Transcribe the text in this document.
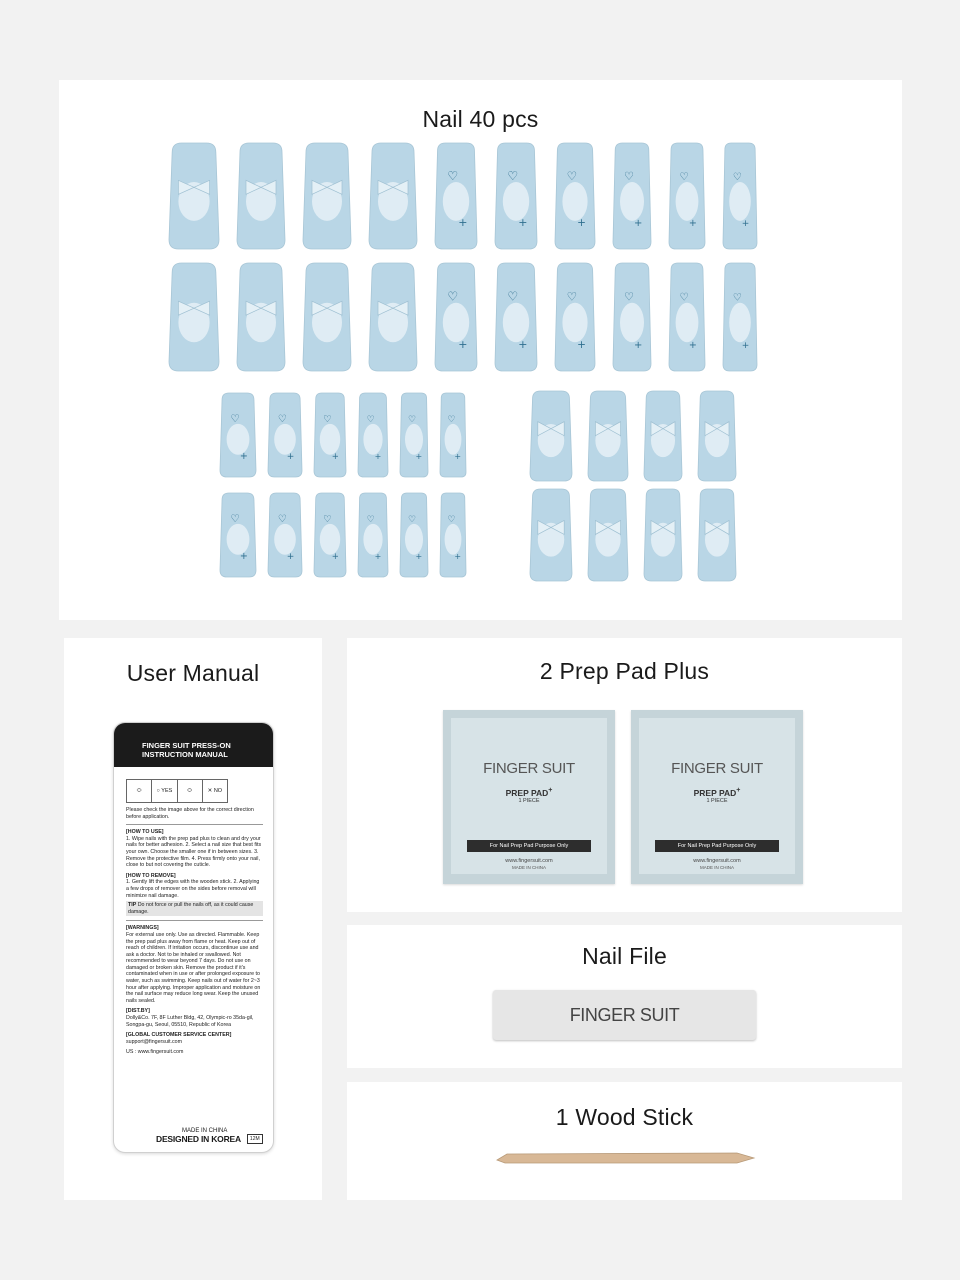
Nail 40 pcs
♡
+
♡
+
♡
+
♡
+
♡
+
♡
+
♡
+
♡
+
♡
+
♡
+
♡
+
♡
+
♡
+
♡
+
♡
+
♡
+
♡
+
♡
+
♡
+
♡
+
♡
+
♡
+
♡
+
♡
+
User Manual
FINGER SUIT PRESS-ON
INSTRUCTION MANUAL
⬭	○ YES	⬭	✕ NO
Please check the image above for the correct direction before application.
[HOW TO USE]
1. Wipe nails with the prep pad plus to clean and dry your nails for better adhesion. 2. Select a nail size that best fits your own. Choose the smaller one if in between sizes. 3. Remove the protective film. 4. Press firmly onto your nail, close to but not covering the cuticle.
[HOW TO REMOVE]
1. Gently lift the edges with the wooden stick. 2. Applying a few drops of remover on the sides before removal will minimize nail damage.
TIP Do not force or pull the nails off, as it could cause damage.
[WARNINGS]
For external use only. Use as directed. Flammable. Keep the prep pad plus away from flame or heat. Keep out of reach of children. If irritation occurs, discontinue use and ask a doctor. Not to be inhaled or swallowed. Not recommended to wear beyond 7 days. Do not use on damaged or broken skin. Remove the product if it's contaminated when in use or after prolonged exposure to water, such as swimming. Keep nails out of water for 2~3 hour after applying. Improper application and moisture on the nail surface may reduce long wear. Keep the unused nails sealed.
[DIST.BY]
Dolly&Co. 7F, 8F Luther Bldg, 42, Olympic-ro 35da-gil, Songpa-gu, Seoul, 05510, Republic of Korea
[GLOBAL CUSTOMER SERVICE CENTER]
support@fingersuit.com
US : www.fingersuit.com
MADE IN CHINA
DESIGNED IN KOREA	12M
2 Prep Pad Plus
FINGER SUIT
PREP PAD+
1 PIECE
For Nail Prep Pad Purpose Only
www.fingersuit.com
MADE IN CHINA
FINGER SUIT
PREP PAD+
1 PIECE
For Nail Prep Pad Purpose Only
www.fingersuit.com
MADE IN CHINA
Nail File
FINGER SUIT
1 Wood Stick
